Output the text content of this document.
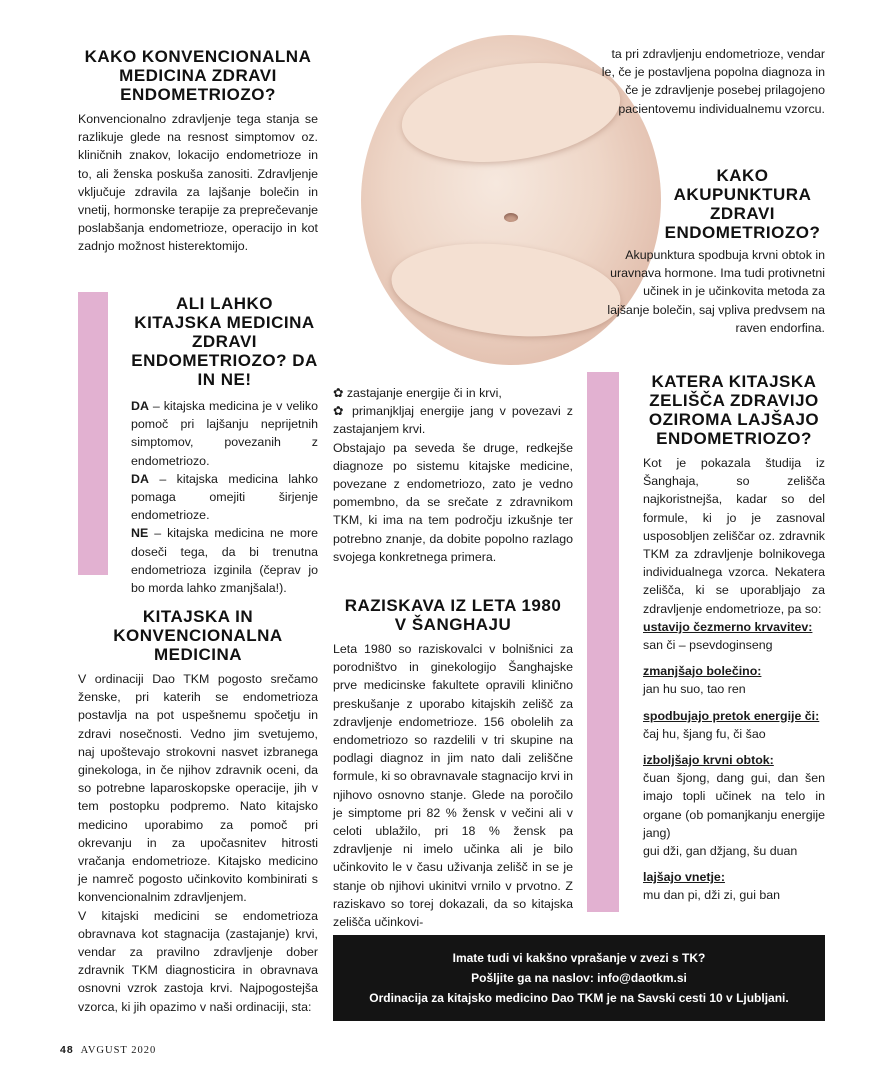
KAKO KONVENCIONALNA MEDICINA ZDRAVI ENDOMETRIOZO?

Konvencionalno zdravljenje tega stanja se razlikuje glede na resnost simptomov oz. kliničnih znakov, lokacijo endometrioze in to, ali ženska poskuša zanositi. Zdravljenje vključuje zdravila za lajšanje bolečin in vnetij, hormonske terapije za preprečevanje poslabšanja endometrioze, operacijo in kot zadnjo možnost histerektomijo.

ALI LAHKO KITAJSKA MEDICINA ZDRAVI ENDOMETRIOZO? DA IN NE!

DA – kitajska medicina je v veliko pomoč pri lajšanju neprijetnih simptomov, povezanih z endometriozo.

DA – kitajska medicina lahko pomaga omejiti širjenje endometrioze.

NE – kitajska medicina ne more doseči tega, da bi trenutna endometrioza izginila (čeprav jo bo morda lahko zmanjšala!).

KITAJSKA IN KONVENCIONALNA MEDICINA

V ordinaciji Dao TKM pogosto srečamo ženske, pri katerih se endometrioza postavlja na pot uspešnemu spočetju in zdravi nosečnosti. Vedno jim svetujemo, naj upoštevajo strokovni nasvet izbranega ginekologa, in če njihov zdravnik oceni, da so potrebne laparoskopske operacije, jih v tem postopku podpremo. Nato kitajsko medicino uporabimo za pomoč pri okrevanju in za upočasnitev hitrosti vračanja endometrioze. Kitajsko medicino je namreč pogosto učinkovito kombinirati s konvencionalnim zdravljenjem.

V kitajski medicini se endometrioza obravnava kot stagnacija (zastajanje) krvi, vendar za pravilno zdravljenje dober zdravnik TKM diagnosticira in obravnava osnovni vzrok zastoja krvi. Najpogostejša vzorca, ki jih opazimo v naši ordinaciji, sta:

✿ zastajanje energije či in krvi,

✿ primanjkljaj energije jang v povezavi z zastajanjem krvi.

Obstajajo pa seveda še druge, redkejše diagnoze po sistemu kitajske medicine, povezane z endometriozo, zato je vedno pomembno, da se srečate z zdravnikom TKM, ki ima na tem področju izkušnje ter potrebno znanje, da dobite popolno razlago svojega konkretnega primera.

RAZISKAVA IZ LETA 1980 V ŠANGHAJU

Leta 1980 so raziskovalci v bolnišnici za porodništvo in ginekologijo Šanghajske prve medicinske fakultete opravili klinično preskušanje z uporabo kitajskih zelišč za zdravljenje endometrioze. 156 obolelih za endometriozo so razdelili v tri skupine na podlagi diagnoz in jim nato dali zeliščne formule, ki so obravnavale stagnacijo krvi in njihovo osnovno stanje. Glede na poročilo je simptome pri 82 % žensk v večini ali v celoti ublažilo, pri 18 % žensk pa zdravljenje ni imelo učinka ali je bilo učinkovito le v času uživanja zelišč in se je stanje ob njihovi ukinitvi vrnilo v prvotno. Z raziskavo so torej dokazali, da so kitajska zelišča učinkovi-

ta pri zdravljenju endometrioze, vendar le, če je postavljena popolna diagnoza in če je zdravljenje posebej prilagojeno pacientovemu individualnemu vzorcu.

KAKO AKUPUNKTURA ZDRAVI ENDOMETRIOZO?

Akupunktura spodbuja krvni obtok in uravnava hormone. Ima tudi protivnetni učinek in je učinkovita metoda za lajšanje bolečin, saj vpliva predvsem na raven endorfina.

KATERA KITAJSKA ZELIŠČA ZDRAVIJO OZIROMA LAJŠAJO ENDOMETRIOZO?

Kot je pokazala študija iz Šanghaja, so zelišča najkoristnejša, kadar so del formule, ki jo je zasnoval usposobljen zeliščar oz. zdravnik TKM za zdravljenje bolnikovega individualnega vzorca. Nekatera zelišča, ki se uporabljajo za zdravljenje endometrioze, pa so:

ustavijo čezmerno krvavitev:

san či – psevdoginseng

zmanjšajo bolečino:

jan hu suo, tao ren

spodbujajo pretok energije či:

čaj hu, šjang fu, či šao

izboljšajo krvni obtok:

čuan šjong, dang gui, dan šen imajo topli učinek na telo in organe (ob pomanjkanju energije jang)

gui dži, gan džjang, šu duan

lajšajo vnetje:

mu dan pi, dži zi, gui ban

Imate tudi vi kakšno vprašanje v zvezi s TK?
Pošljite ga na naslov: info@daotkm.si
Ordinacija za kitajsko medicino Dao TKM je na Savski cesti 10 v Ljubljani.
48 AVGUST 2020
